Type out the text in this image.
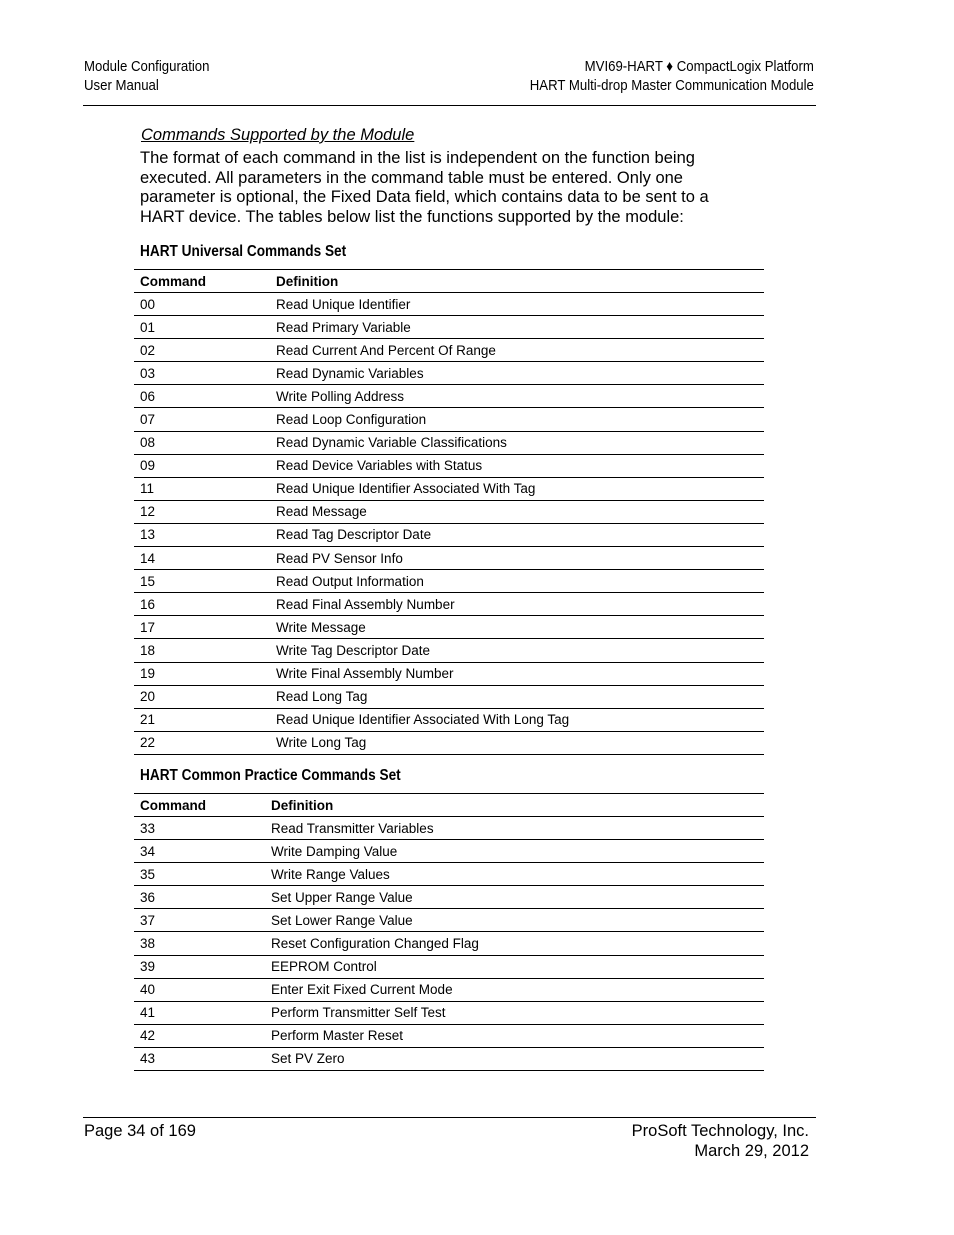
Module Configuration
User Manual
MVI69-HART ♦ CompactLogix Platform
HART Multi-drop Master Communication Module
Commands Supported by the Module
The format of each command in the list is independent on the function being
executed. All parameters in the command table must be entered. Only one
parameter is optional, the Fixed Data field, which contains data to be sent to a
HART device. The tables below list the functions supported by the module:
HART Universal Commands Set
Command	Definition
00	Read Unique Identifier
01	Read Primary Variable
02	Read Current And Percent Of Range
03	Read Dynamic Variables
06	Write Polling Address
07	Read Loop Configuration
08	Read Dynamic Variable Classifications
09	Read Device Variables with Status
11	Read Unique Identifier Associated With Tag
12	Read Message
13	Read Tag Descriptor Date
14	Read PV Sensor Info
15	Read Output Information
16	Read Final Assembly Number
17	Write Message
18	Write Tag Descriptor Date
19	Write Final Assembly Number
20	Read Long Tag
21	Read Unique Identifier Associated With Long Tag
22	Write Long Tag
HART Common Practice Commands Set
Command	Definition
33	Read Transmitter Variables
34	Write Damping Value
35	Write Range Values
36	Set Upper Range Value
37	Set Lower Range Value
38	Reset Configuration Changed Flag
39	EEPROM Control
40	Enter Exit Fixed Current Mode
41	Perform Transmitter Self Test
42	Perform Master Reset
43	Set PV Zero
Page 34 of 169	ProSoft Technology, Inc.
March 29, 2012
